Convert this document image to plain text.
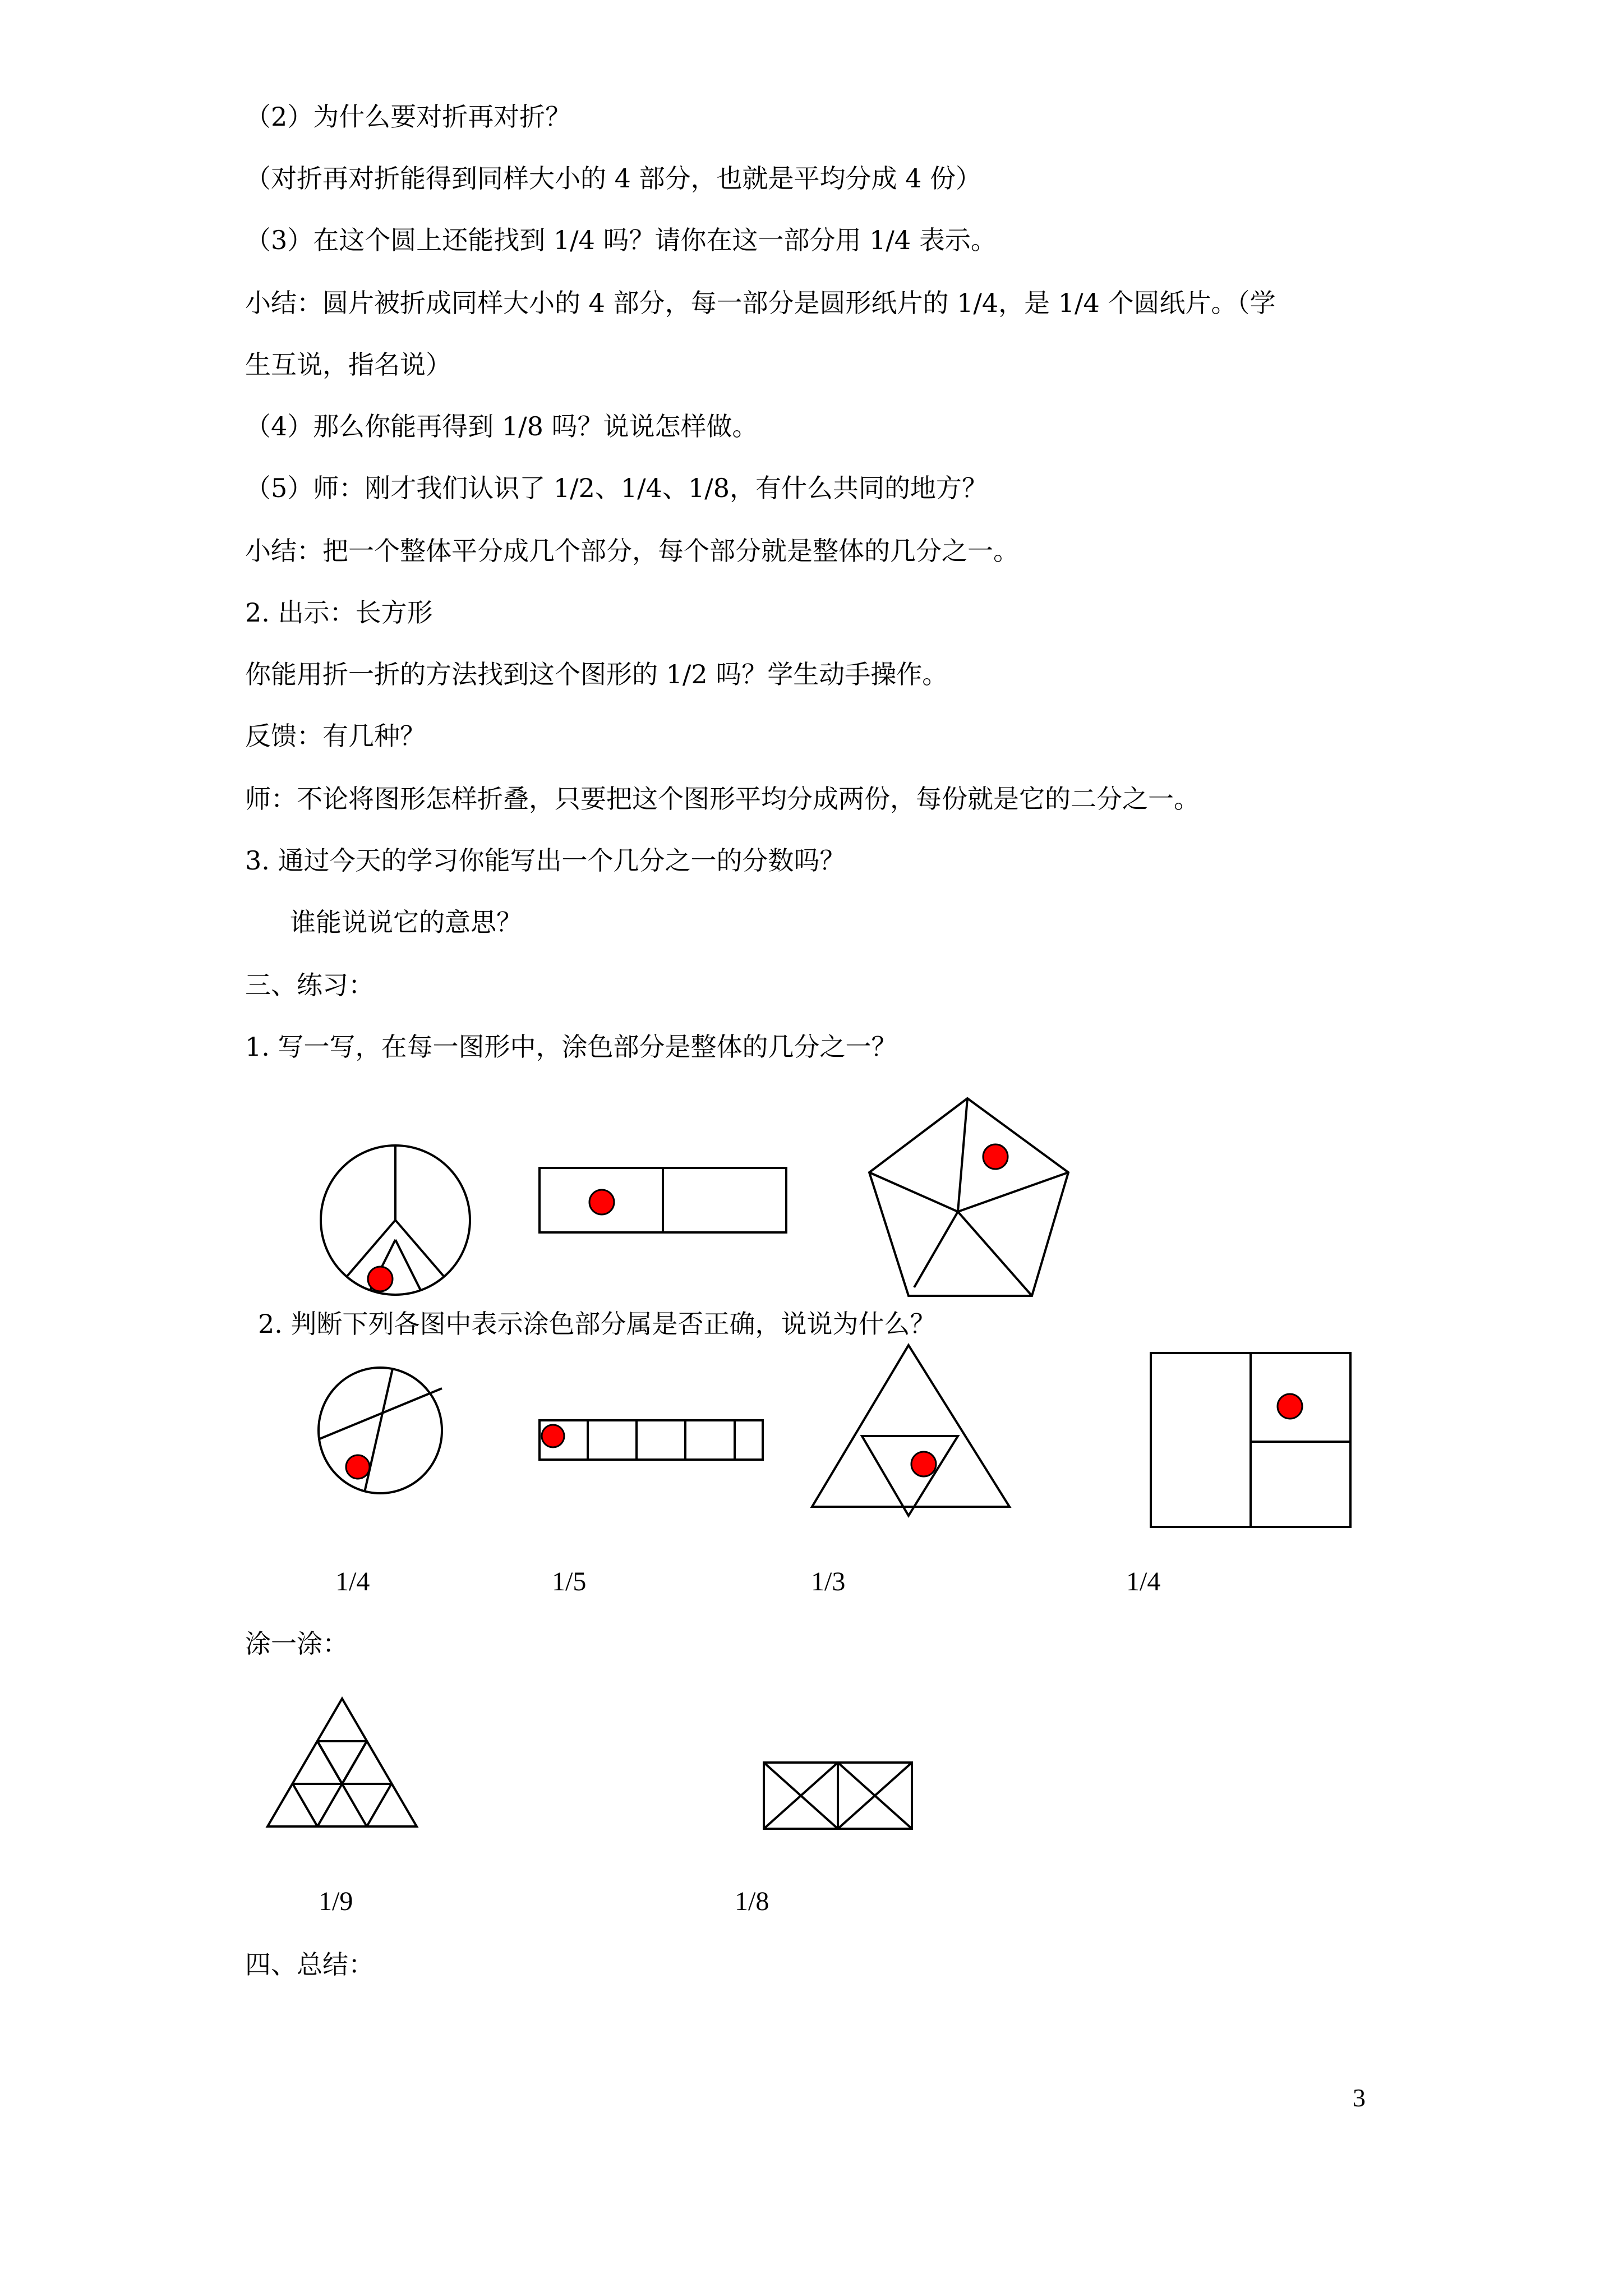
（2）为什么要对折再对折？
（对折再对折能得到同样大小的 4 部分，也就是平均分成 4 份）
（3）在这个圆上还能找到 1/4 吗？请你在这一部分用 1/4 表示。
小结：圆片被折成同样大小的 4 部分，每一部分是圆形纸片的 1/4，是 1/4 个圆纸片。（学
生互说，指名说）
（4）那么你能再得到 1/8 吗？说说怎样做。
（5）师：刚才我们认识了 1/2、1/4、1/8，有什么共同的地方？
小结：把一个整体平分成几个部分，每个部分就是整体的几分之一。
2. 出示：长方形
你能用折一折的方法找到这个图形的 1/2 吗？学生动手操作。
反馈：有几种？
师：不论将图形怎样折叠，只要把这个图形平均分成两份，每份就是它的二分之一。
3. 通过今天的学习你能写出一个几分之一的分数吗？
谁能说说它的意思？
三、练习：
1. 写一写，在每一图形中，涂色部分是整体的几分之一？
2. 判断下列各图中表示涂色部分属是否正确，说说为什么？
1/4	1/5	1/3	1/4
涂一涂：
1/9	1/8
四、总结：
3
